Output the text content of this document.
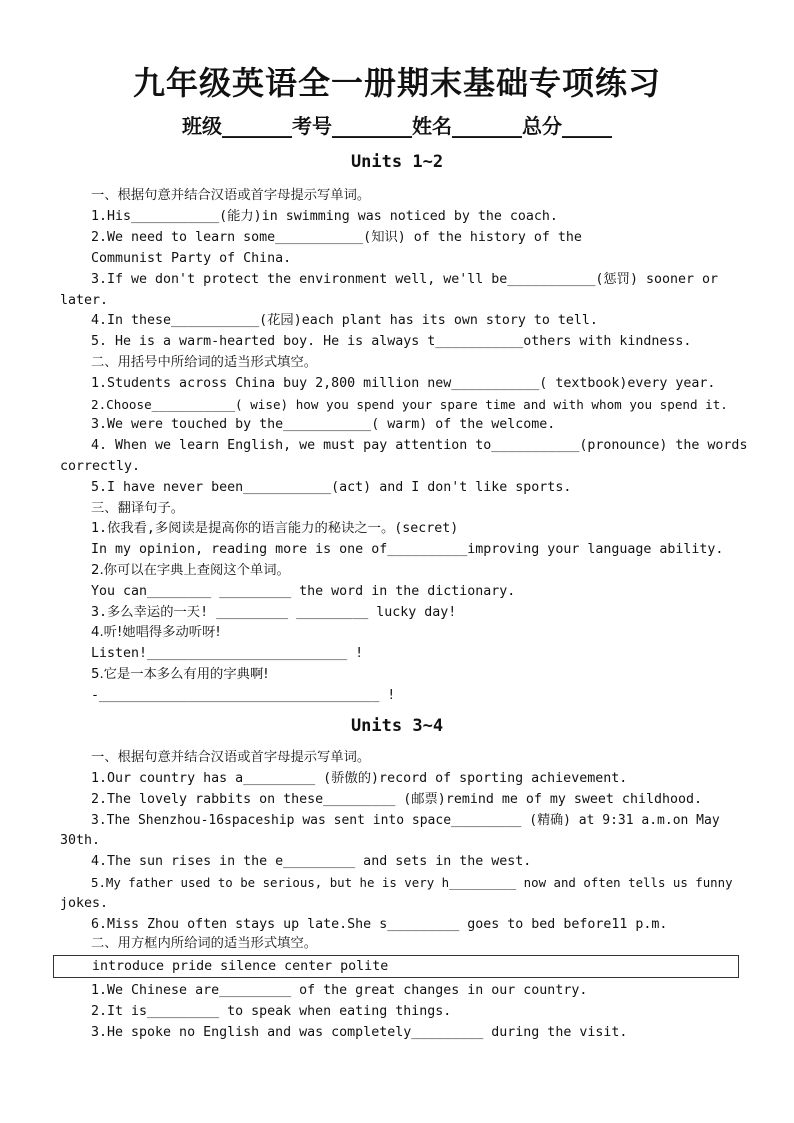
九年级英语全一册期末基础专项练习
班级_______考号________姓名_______总分_____
Units 1~2
一、根据句意并结合汉语或首字母提示写单词。
1.His___________(能力)in swimming was noticed by the coach.
2.We need to learn some___________(知识) of the history of the
Communist Party of China.
3.If we don't protect the environment well, we'll be___________(惩罚) sooner or
later.
4.In these___________(花园)each plant has its own story to tell.
5. He is a warm-hearted boy. He is always t___________others with kindness.
二、用括号中所给词的适当形式填空。
1.Students across China buy 2,800 million new___________( textbook)every year.
2.Choose___________( wise) how you spend your spare time and with whom you spend it.
3.We were touched by the___________( warm) of the welcome.
4. When we learn English, we must pay attention to___________(pronounce) the words
correctly.
5.I have never been___________(act) and I don't like sports.
三、翻译句子。
1.依我看,多阅读是提高你的语言能力的秘诀之一。(secret)
In my opinion, reading more is one of__________improving your language ability.
2.你可以在字典上查阅这个单词。
You can________ _________ the word in the dictionary.
3.多么幸运的一天! _________ _________ lucky day!
4.听!她唱得多动听呀!
Listen!_________________________ !
5.它是一本多么有用的字典啊!
-___________________________________ !
Units 3~4
一、根据句意并结合汉语或首字母提示写单词。
1.Our country has a_________ (骄傲的)record of sporting achievement.
2.The lovely rabbits on these_________ (邮票)remind me of my sweet childhood.
3.The Shenzhou-16spaceship was sent into space_________ (精确) at 9:31 a.m.on May
30th.
4.The sun rises in the e_________ and sets in the west.
5.My father used to be serious, but he is very h_________ now and often tells us funny
jokes.
6.Miss Zhou often stays up late.She s_________ goes to bed before11 p.m.
二、用方框内所给词的适当形式填空。
introduce pride silence center polite
1.We Chinese are_________ of the great changes in our country.
2.It is_________ to speak when eating things.
3.He spoke no English and was completely_________ during the visit.
